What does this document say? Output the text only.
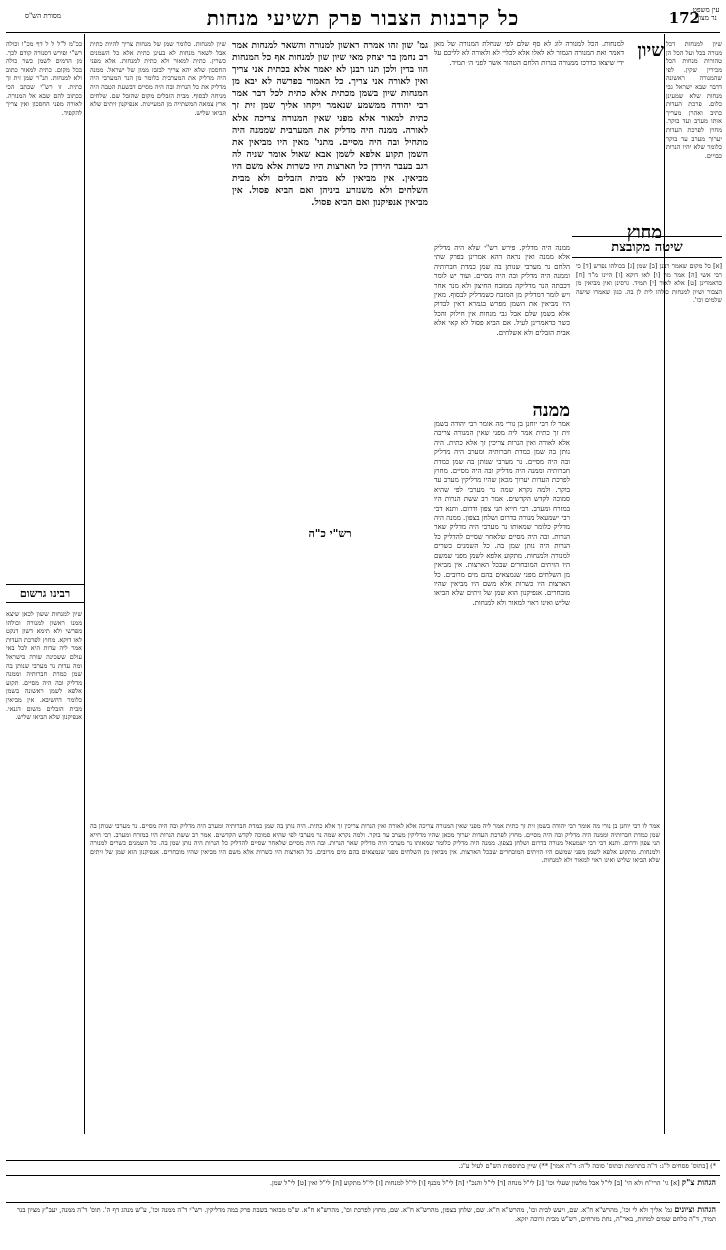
172
כל קרבנות הצבור פרק תשיעי מנחות	עין משפט
נר מצוה
מסורת הש"ס
שיון למנחות דכל מנורה בכל ועל הכל הן טהורות מנחות הכל מכירין שקין. לפי שהמנורה ראשונה דדבר שבא ישראל גבי מנחות שלא שמעינן כלום. פרכת העדות כתיב ואהרן מעריך אותו מערב ועד בוקר. מחוץ לפרכת העדות יערוך מערב עד בוקר כלומר שלא יהיו הנרות כבויים.
שיטה מקובצת
[א] כל מקום שאמר רבנן [ב] שמן [ג] בכולהו נפרש [ד] כי רבי אשי [ה] אמר מר [ו] לאו דוקא [ז] היינו מ"ד [ח] כדאמרינן [ט] אלא לאור [י] תמיד. גרסינן ואין מביאין מן הצבור ושיון למנחות כולהו לית לן בה. כגון שאמרו שישה שלמים וכו'.
שיון
למנחות. הכל למנורה לוג לא סף שלם לפי שנחלת המנורה של מאן דאמר ואת המנורה הגמור לא לאלו אלא לכליי לא ולאורה לא לליכם על ידי שיצאו כדרכו ממנורה בנרות הלחם הטהור אשר לפני ה׳ תמיד.
מחוץ
ממנה היה מדליק. פירש רש"י שלא היה מדליק אלא ממנה ואין נראה דהא אמרינן בפרק שתי הלחם נר מערבי שנותן בה שמן כמדת חברותיה וממנה היה מדליק ובה היה מסיים. ועוד יש לומר דכבתה הנר מדליקה ממזבח החיצון ולא מנר אחר ויש לומר דמדליק מן המזבח כשמדליק לבסוף. מאין היו מביאין את השמן מפרש בגמרא דאין לבדוק אלא בשמן שלם אבל גבי מנחות אין חילוק והכל כשר כדאמרינן לעיל. אם הביא פסול לא קאי אלא אבית הזבלים ולא אשלחים.
ממנה
אמר לו רבי יוחנן בן נורי מה אומר רבי יהודה בשמן זית זך כתית אמר ליה מפני שאין המנורה צריכה אלא לאורה ואין הנרות צריכין זך אלא כתית. היה נותן בה שמן כמדת חברותיה ומערב היה מדליק ובה היה מסיים. נר מערבי שנותן בה שמן כמדת חברותיה וממנה היה מדליק ובה היה מסיים. מחוץ לפרכת העדות יערוך מכאן שהיו מדליקין מערב עד בוקר. ולמה נקרא שמה נר מערבי לפי שהיא סמוכה לקדש הקדשים. אמר רב ששת הנרות היו במזרח ומערב. רבי חייא תני צפון ודרום. ותנא דבי רבי ישמעאל מנורה בדרום ושלחן בצפון. ממנה היה מדליק כלומר שמאותו נר מערבי היה מדליק שאר הנרות. ובה היה מסיים שלאחר שסיים להדליק כל הנרות היה נותן שמן בה. כל השמנים כשרים למנורה ולמנחות. מתקוע אלפא לשמן מפני שמשם היו הזיתים המובחרים שבכל הארצות. אין מביאין מן השלחים מפני שנמצאים בהם מים מרובים. כל הארצות היו כשרות אלא משם היו מביאין שהיו מובחרים. אנפיקנון הוא שמן של זיתים שלא הביאו שליש ואינו ראוי למאור ולא למנחות.
גמ' שון זהו אמרה ראשון למנורה והשאר למנחות אמר רב נחמן בר יצחק מאי שיון שון למנחות אף כל המנחות הוו בדין ולכן תנו רבנן לא יאמר אלא בכתית אני צריך ואין לאורה אני צריך. כל האמור בפרשה לא יבא מן המנחות שיון בשמן מכתית אלא כתית לכל דבר אמר רבי יהודה ממשמע שנאמר ויקחו אליך שמן זית זך כתית למאור אלא מפני שאין המנורה צריכה אלא לאורה. ממנה היה מדליק את המערבית שממנה היה מתחיל ובה היה מסיים. מתני' מאין היו מביאין את השמן תקוע אלפא לשמן אבא שאול אומר שניה לה רגב בעבר הירדן כל הארצות היו כשרות אלא משם היו מביאין. אין מביאין לא מבית הזבלים ולא מבית השלחים ולא משנזרע ביניהן ואם הביא פסול. אין מביאין אנפיקנון ואם הביא פסול.
רש"י כ"ה
שיון למנחות. כלומר שמן של מנחות צריך להיות כתית אבל לשאר מנחות לא בעינן כתית אלא כל השמנים כשרין. כתית למאור ולא כתית למנחות. אלא מפני החסכון שלא יהא צריך לבזבז ממון של ישראל. ממנה היה מדליק את המערבית כלומר מן הנר המערבי היה מדליק את כל הנרות ובה היה מסיים דבשעת הטבה היה מניחה לבסוף. מבית הזבלים מקום שהזבל שם. שלחים ארץ צמאה המשתייה מן המעיינות. אנפיקנון זיתים שלא הביאו שליש.
בכ"מ ל"ל ל ל דף מכ"ו וכולה רש"י ופירש דסנורה קודם לכך. מן הדמים לשמן כשר כולה בכל מקום. כתית למאור כתוב ולא למנחות. תנ"ר שמן זית זך כתית. זו רש"י שכתב הכי ככתוב להם שבא אל המנורה. לאורה מפני החסכון ואין צריך להקפיד.
רבינו גרשום
שיון למנחות ששון לכאן שיצא ממנו ראשון למנורה וכולהו מפרשי ולא תימא דשון דנקט לאו דוקא. מחוץ לפרכת העדות אמר ליה עדות היא לכל באי עולם ששכינה שורה בישראל ומה עדות נר מערבי שנותן בה שמן כמדת חברותיה וממנה מדליק ובה היה מסיים. תקוע אלפא לשמן ראשונה בשמן כלומר דחשיבא. אין מביאין מבית הזבלים משום דגנאי. אנפיקנון שלא הביאו שליש.
אמר לו רבי יוחנן בן נורי מה אומר רבי יהודה בשמן זית זך כתית אמר ליה מפני שאין המנורה צריכה אלא לאורה ואין הנרות צריכין זך אלא כתית. היה נותן בה שמן כמדת חברותיה ומערב היה מדליק ובה היה מסיים. נר מערבי שנותן בה שמן כמדת חברותיה וממנה היה מדליק ובה היה מסיים. מחוץ לפרכת העדות יערוך מכאן שהיו מדליקין מערב עד בוקר. ולמה נקרא שמה נר מערבי לפי שהיא סמוכה לקדש הקדשים. אמר רב ששת הנרות היו במזרח ומערב. רבי חייא תני צפון ודרום. ותנא דבי רבי ישמעאל מנורה בדרום ושלחן בצפון. ממנה היה מדליק כלומר שמאותו נר מערבי היה מדליק שאר הנרות. ובה היה מסיים שלאחר שסיים להדליק כל הנרות היה נותן שמן בה. כל השמנים כשרים למנורה ולמנחות. מתקוע אלפא לשמן מפני שמשם היו הזיתים המובחרים שבכל הארצות. אין מביאין מן השלחים מפני שנמצאים בהם מים מרובים. כל הארצות היו כשרות אלא משם היו מביאין שהיו מובחרים. אנפיקנון הוא שמן של זיתים שלא הביאו שליש ואינו ראוי למאור ולא למנחות.
*) [בתוס' פסחים ל"ג: ד"ה בתרומת ובתוס' סוכה ל"ה: ד"ה אמר] **) שיין בתוספות הש"ם לעיל ע"ג.
הגהות צ"ק [א] גי' הרי"ח ולא הי' [ב] לי"ל אבל מלשון שעלי וכו' [ג] לי"ל מנחה [ד] לי"ל והנכ"י [ה] לי"ל מכנף [ו] לי"ל למנחות [ז] לי"ל מתקוע [ח] לי"ל ואין [ט] לי"ל שמן.
הגהות וציונים גמ' אליך ולא לי וכו', מהרש"א ח"א. שם, ויעש לבית וכו', מהרש"א ח"א. שם, שלחן בצפון, מהרש"א ח"א. שם, מחוץ לפרכת וכו', מהרש"א ח"א. ש"מ מבואר בשבת פרק במה מדליקין. רש"י ד"ה ממנה וכו', ע"ש מנהג דף ה'. תוס' ד"ה ממנה, יעב"ץ מציון בנר תמיד, ד"ה בלחם שמים למחות, באר"ה, נחת מזרחים, רש"ש מבית זרוכה יזקא.
